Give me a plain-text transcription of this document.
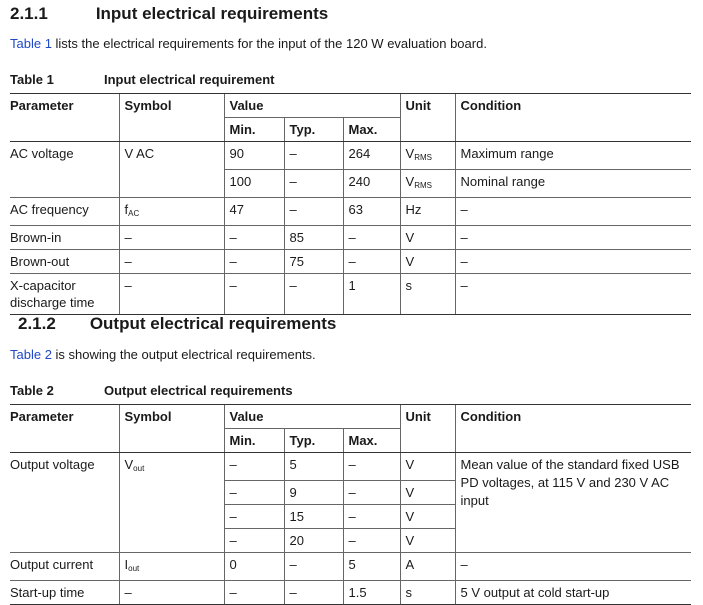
2.1.1	Input electrical requirements
Table 1 lists the electrical requirements for the input of the 120 W evaluation board.
Table 1	Input electrical requirement
Parameter	Symbol	Value			Unit	Condition
		Min.	Typ.	Max.		
AC voltage	V AC	90	–	264	$V_{RMS}$	Maximum range
		100	–	240	$V_{RMS}$	Nominal range
AC frequency	$f_{AC}$	47	–	63	Hz	–
Brown-in	–	–	85	–	V	–
Brown-out	–	–	75	–	V	–
X-capacitor discharge time	–	–	–	1	s	–
2.1.2 Output electrical requirements
Table 2 is showing the output electrical requirements.
Table 2	Output electrical requirements
Parameter	Symbol	Value			Unit	Condition
		Min.	Typ.	Max.		
Output voltage	$V_{out}$	–	5	–	V	Mean value of the standard fixed USB PD voltages, at 115 V and 230 V AC input
		–	9	–	V	
		–	15	–	V	
		–	20	–	V	
Output current	$I_{out}$	0	–	5	A	–
Start-up time	–	–	–	1.5	s	5 V output at cold start-up
